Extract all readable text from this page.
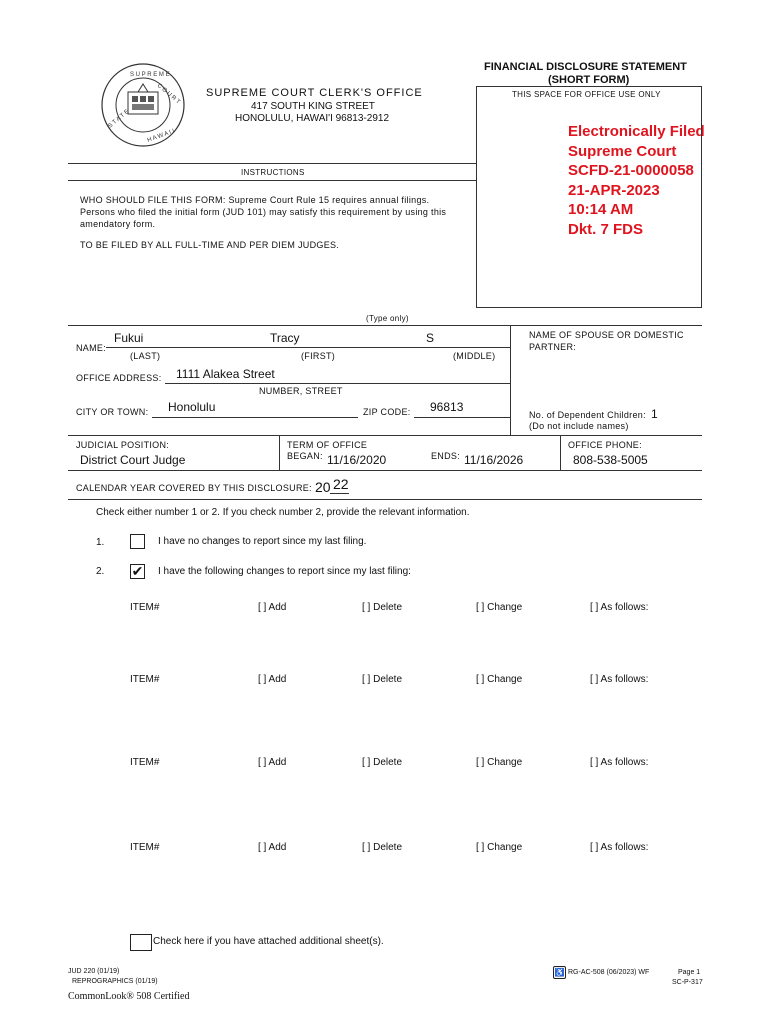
S U P R E M E
C O U R T
S T A T E
H A W A I I
FINANCIAL DISCLOSURE STATEMENT
(SHORT FORM)
THIS SPACE FOR OFFICE USE ONLY
SUPREME COURT CLERK'S OFFICE
417 SOUTH KING STREET
HONOLULU, HAWAI'I 96813-2912
Electronically Filed
Supreme Court
SCFD-21-0000058
21-APR-2023
10:14 AM
Dkt. 7 FDS
INSTRUCTIONS
WHO SHOULD FILE THIS FORM: Supreme Court Rule 15 requires annual filings.
Persons who filed the initial form (JUD 101) may satisfy this requirement by using this
amendatory form.
TO BE FILED BY ALL FULL-TIME AND PER DIEM JUDGES.
(Type only)
NAME:
Fukui	Tracy	S
(LAST)	(FIRST)	(MIDDLE)
NAME OF SPOUSE OR DOMESTIC
PARTNER:
OFFICE ADDRESS: 1111 Alakea Street
NUMBER, STREET
CITY OR TOWN: Honolulu	ZIP CODE: 96813
No. of Dependent Children: 1
(Do not include names)
JUDICIAL POSITION:
District Court Judge
TERM OF OFFICE
BEGAN: 11/16/2020	ENDS: 11/16/2026
OFFICE PHONE:
808-538-5005
CALENDAR YEAR COVERED BY THIS DISCLOSURE: 20 22
Check either number 1 or 2. If you check number 2, provide the relevant information.
1.	I have no changes to report since my last filing.
2. ✔ I have the following changes to report since my last filing:
ITEM#	[ ] Add	[ ] Delete	[ ] Change	[ ] As follows:
ITEM#	[ ] Add	[ ] Delete	[ ] Change	[ ] As follows:
ITEM#	[ ] Add	[ ] Delete	[ ] Change	[ ] As follows:
ITEM#	[ ] Add	[ ] Delete	[ ] Change	[ ] As follows:
Check here if you have attached additional sheet(s).
JUD 220 (01/19)
REPROGRAPHICS (01/19)
CommonLook® 508 Certified
♿ RG-AC-508 (06/2023) WF	Page 1
SC-P-317
